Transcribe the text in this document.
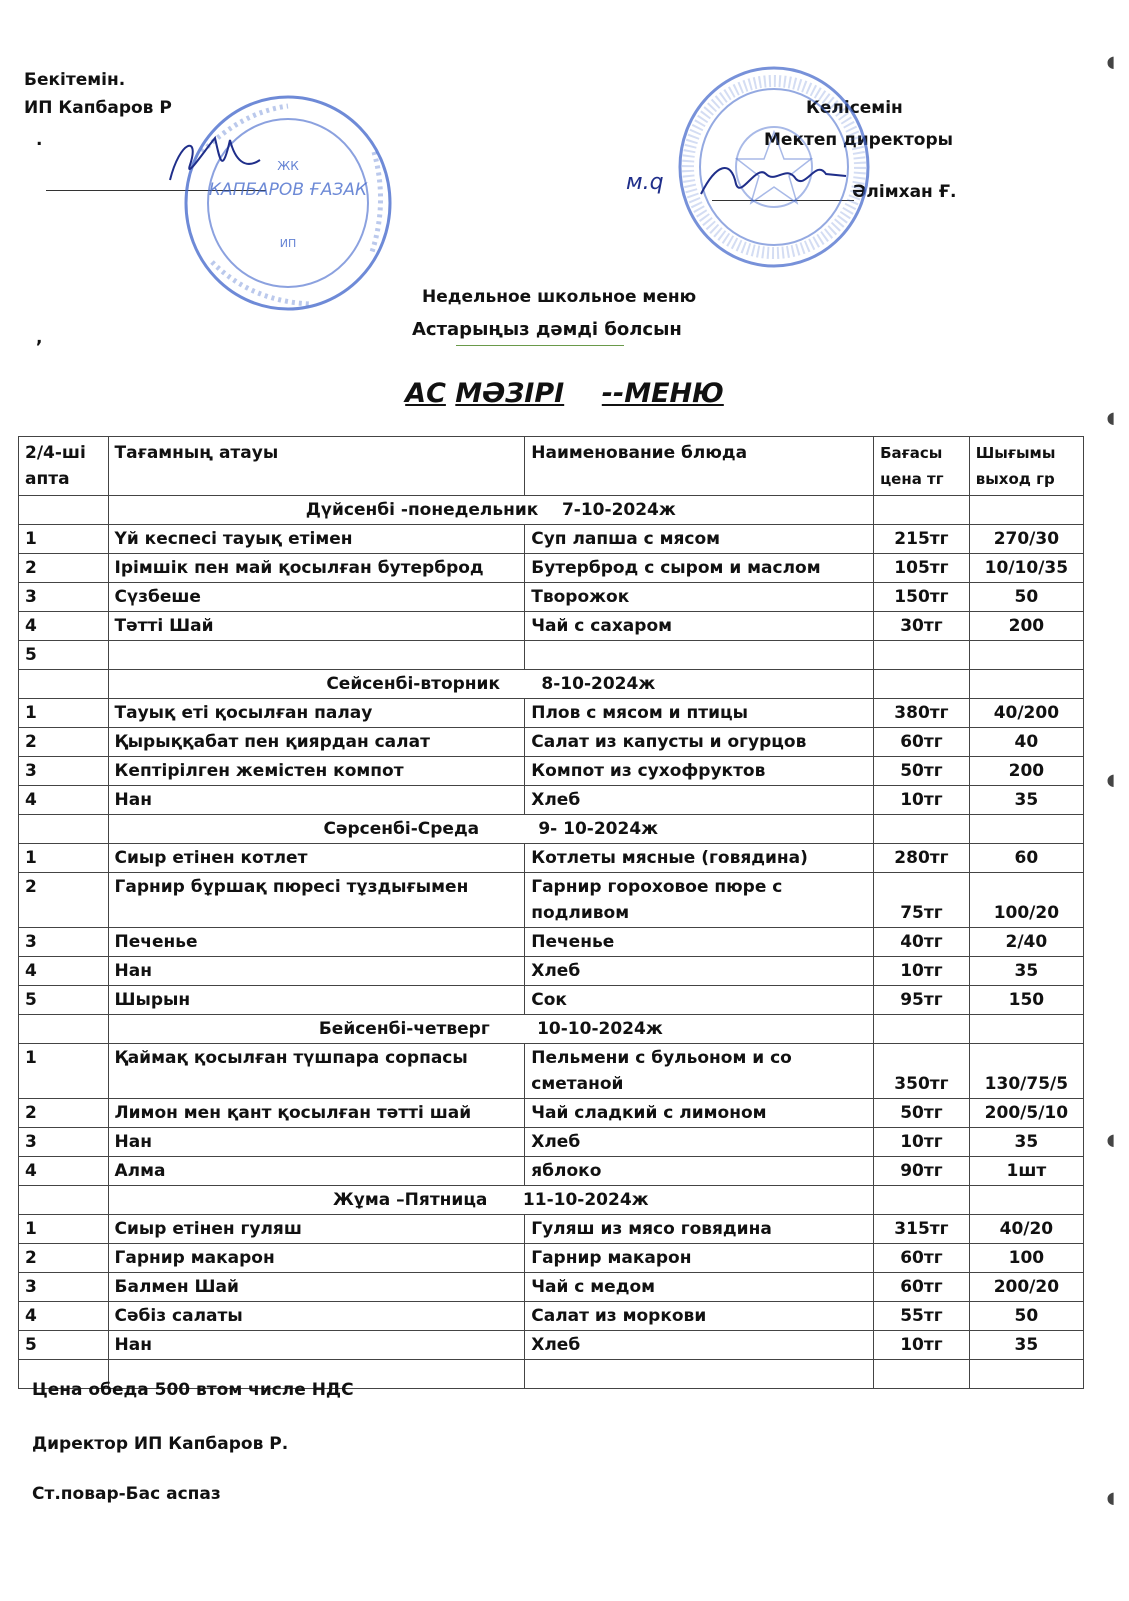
Бекітемін.
ИП Капбаров Р
.
ЖК
КАПБАРОВ ҒАЗАК
ИП
Келісемін
Мектеп директоры
Әлімхан Ғ.
м.q
Недельное школьное меню
,	Астарыңыз дәмді болсын
АС МӘЗІРІ --МЕНЮ
2/4-ші апта	Тағамның атауы	Наименование блюда	Бағасы цена тг	Шығымы выход гр
	Дүйсенбі -понедельник    7-10-2024ж			
1	Үй кеспесі тауық етімен	Суп лапша с мясом	215тг	270/30
2	Ірімшік пен май қосылған бутерброд	Бутерброд с сыром и маслом	105тг	10/10/35
3	Сүзбеше	Творожок	150тг	50
4	Тәтті Шай	Чай с сахаром	30тг	200
5				
	Сейсенбі-вторник       8-10-2024ж			
1	Тауық еті қосылған палау	Плов с мясом и птицы	380тг	40/200
2	Қырыққабат пен қиярдан салат	Салат из капусты и огурцов	60тг	40
3	Кептірілген жемістен компот	Компот из сухофруктов	50тг	200
4	Нан	Хлеб	10тг	35
	Сәрсенбі-Среда          9- 10-2024ж			
1	Сиыр етінен котлет	Котлеты мясные (говядина)	280тг	60
2	Гарнир бұршақ пюресі тұздығымен	Гарнир гороховое пюре с подливом	75тг	100/20
3	Печенье	Печенье	40тг	2/40
4	Нан	Хлеб	10тг	35
5	Шырын	Сок	95тг	150
	Бейсенбі-четверг        10-10-2024ж			
1	Қаймақ қосылған түшпара сорпасы	Пельмени с бульоном и со сметаной	350тг	130/75/5
2	Лимон мен қант қосылған тәтті шай	Чай сладкий с лимоном	50тг	200/5/10
3	Нан	Хлеб	10тг	35
4	Алма	яблоко	90тг	1шт
	Жұма –Пятница      11-10-2024ж			
1	Сиыр етінен гуляш	Гуляш из мясо говядина	315тг	40/20
2	Гарнир макарон	Гарнир макарон	60тг	100
3	Балмен Шай	Чай с медом	60тг	200/20
4	Сәбіз салаты	Салат из моркови	55тг	50
5	Нан	Хлеб	10тг	35

Цена обеда 500 втом числе НДС
Директор ИП Капбаров Р.
Ст.повар-Бас аспаз
◖
◖
◖
◖
◖
